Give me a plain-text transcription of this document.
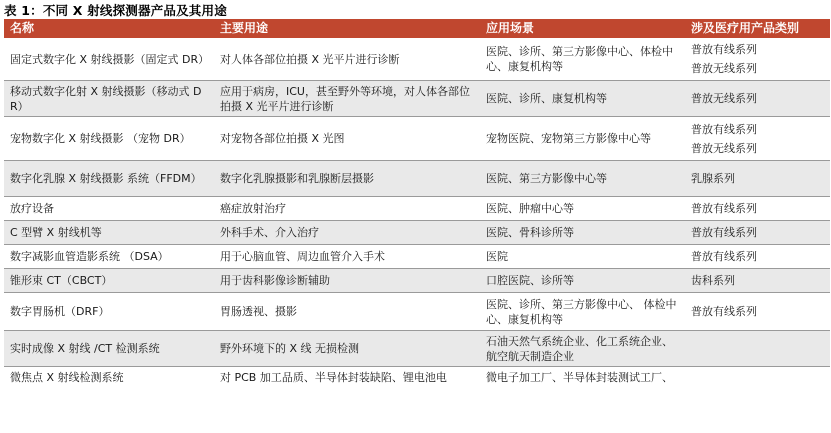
表 1：不同 X 射线探测器产品及其用途
名称	主要用途	应用场景	涉及医疗用产品类别
固定式数字化 X 射线摄影（固定式 DR）	对人体各部位拍摄 X 光平片进行诊断	医院、诊所、第三方影像中心、体检中心、康复机构等	普放有线系列
普放无线系列

移动式数字化射 X 射线摄影（移动式 DR）	应用于病房，ICU，甚至野外等环境，对人体各部位拍摄 X 光平片进行诊断	医院、诊所、康复机构等	普放无线系列

宠物数字化 X 射线摄影 （宠物 DR）	对宠物各部位拍摄 X 光图	宠物医院、宠物第三方影像中心等	普放有线系列
普放无线系列

数字化乳腺 X 射线摄影 系统（FFDM）	数字化乳腺摄影和乳腺断层摄影	医院、第三方影像中心等	乳腺系列

放疗设备	癌症放射治疗	医院、肿瘤中心等	普放有线系列

C 型臂 X 射线机等	外科手术、介入治疗	医院、骨科诊所等	普放有线系列

数字减影血管造影系统 （DSA）	用于心脑血管、周边血管介入手术	医院	普放有线系列

锥形束 CT（CBCT）	用于齿科影像诊断辅助	口腔医院、诊所等	齿科系列

数字胃肠机（DRF）	胃肠透视、摄影	医院、诊所、第三方影像中心、 体检中心、康复机构等	普放有线系列

实时成像 X 射线 /CT 检测系统	野外环境下的 X 线 无损检测	石油天然气系统企业、化工系统企业、航空航天制造企业	
微焦点 X 射线检测系统	对 PCB 加工品质、半导体封装缺陷、锂电池电	微电子加工厂、半导体封装测试工厂、	
